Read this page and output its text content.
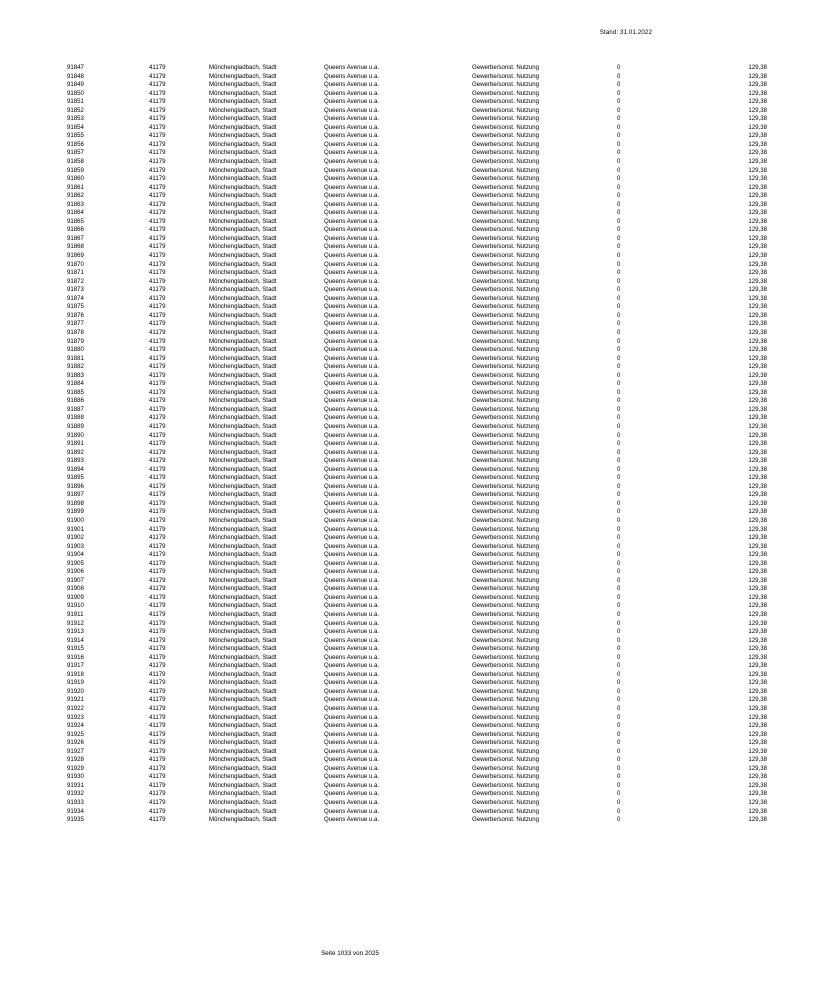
Stand: 31.01.2022
91847	41179	Mönchengladbach, Stadt	Queens Avenue u.a.	Gewerbe/sonst. Nutzung	0	129,38
91848	41179	Mönchengladbach, Stadt	Queens Avenue u.a.	Gewerbe/sonst. Nutzung	0	129,38
91849	41179	Mönchengladbach, Stadt	Queens Avenue u.a.	Gewerbe/sonst. Nutzung	0	129,38
91850	41179	Mönchengladbach, Stadt	Queens Avenue u.a.	Gewerbe/sonst. Nutzung	0	129,38
91851	41179	Mönchengladbach, Stadt	Queens Avenue u.a.	Gewerbe/sonst. Nutzung	0	129,38
91852	41179	Mönchengladbach, Stadt	Queens Avenue u.a.	Gewerbe/sonst. Nutzung	0	129,38
91853	41179	Mönchengladbach, Stadt	Queens Avenue u.a.	Gewerbe/sonst. Nutzung	0	129,38
91854	41179	Mönchengladbach, Stadt	Queens Avenue u.a.	Gewerbe/sonst. Nutzung	0	129,38
91855	41179	Mönchengladbach, Stadt	Queens Avenue u.a.	Gewerbe/sonst. Nutzung	0	129,38
91856	41179	Mönchengladbach, Stadt	Queens Avenue u.a.	Gewerbe/sonst. Nutzung	0	129,38
91857	41179	Mönchengladbach, Stadt	Queens Avenue u.a.	Gewerbe/sonst. Nutzung	0	129,38
91858	41179	Mönchengladbach, Stadt	Queens Avenue u.a.	Gewerbe/sonst. Nutzung	0	129,38
91859	41179	Mönchengladbach, Stadt	Queens Avenue u.a.	Gewerbe/sonst. Nutzung	0	129,38
91860	41179	Mönchengladbach, Stadt	Queens Avenue u.a.	Gewerbe/sonst. Nutzung	0	129,38
91861	41179	Mönchengladbach, Stadt	Queens Avenue u.a.	Gewerbe/sonst. Nutzung	0	129,38
91862	41179	Mönchengladbach, Stadt	Queens Avenue u.a.	Gewerbe/sonst. Nutzung	0	129,38
91863	41179	Mönchengladbach, Stadt	Queens Avenue u.a.	Gewerbe/sonst. Nutzung	0	129,38
91864	41179	Mönchengladbach, Stadt	Queens Avenue u.a.	Gewerbe/sonst. Nutzung	0	129,38
91865	41179	Mönchengladbach, Stadt	Queens Avenue u.a.	Gewerbe/sonst. Nutzung	0	129,38
91866	41179	Mönchengladbach, Stadt	Queens Avenue u.a.	Gewerbe/sonst. Nutzung	0	129,38
91867	41179	Mönchengladbach, Stadt	Queens Avenue u.a.	Gewerbe/sonst. Nutzung	0	129,38
91868	41179	Mönchengladbach, Stadt	Queens Avenue u.a.	Gewerbe/sonst. Nutzung	0	129,38
91869	41179	Mönchengladbach, Stadt	Queens Avenue u.a.	Gewerbe/sonst. Nutzung	0	129,38
91870	41179	Mönchengladbach, Stadt	Queens Avenue u.a.	Gewerbe/sonst. Nutzung	0	129,38
91871	41179	Mönchengladbach, Stadt	Queens Avenue u.a.	Gewerbe/sonst. Nutzung	0	129,38
91872	41179	Mönchengladbach, Stadt	Queens Avenue u.a.	Gewerbe/sonst. Nutzung	0	129,38
91873	41179	Mönchengladbach, Stadt	Queens Avenue u.a.	Gewerbe/sonst. Nutzung	0	129,38
91874	41179	Mönchengladbach, Stadt	Queens Avenue u.a.	Gewerbe/sonst. Nutzung	0	129,38
91875	41179	Mönchengladbach, Stadt	Queens Avenue u.a.	Gewerbe/sonst. Nutzung	0	129,38
91876	41179	Mönchengladbach, Stadt	Queens Avenue u.a.	Gewerbe/sonst. Nutzung	0	129,38
91877	41179	Mönchengladbach, Stadt	Queens Avenue u.a.	Gewerbe/sonst. Nutzung	0	129,38
91878	41179	Mönchengladbach, Stadt	Queens Avenue u.a.	Gewerbe/sonst. Nutzung	0	129,38
91879	41179	Mönchengladbach, Stadt	Queens Avenue u.a.	Gewerbe/sonst. Nutzung	0	129,38
91880	41179	Mönchengladbach, Stadt	Queens Avenue u.a.	Gewerbe/sonst. Nutzung	0	129,38
91881	41179	Mönchengladbach, Stadt	Queens Avenue u.a.	Gewerbe/sonst. Nutzung	0	129,38
91882	41179	Mönchengladbach, Stadt	Queens Avenue u.a.	Gewerbe/sonst. Nutzung	0	129,38
91883	41179	Mönchengladbach, Stadt	Queens Avenue u.a.	Gewerbe/sonst. Nutzung	0	129,38
91884	41179	Mönchengladbach, Stadt	Queens Avenue u.a.	Gewerbe/sonst. Nutzung	0	129,38
91885	41179	Mönchengladbach, Stadt	Queens Avenue u.a.	Gewerbe/sonst. Nutzung	0	129,38
91886	41179	Mönchengladbach, Stadt	Queens Avenue u.a.	Gewerbe/sonst. Nutzung	0	129,38
91887	41179	Mönchengladbach, Stadt	Queens Avenue u.a.	Gewerbe/sonst. Nutzung	0	129,38
91888	41179	Mönchengladbach, Stadt	Queens Avenue u.a.	Gewerbe/sonst. Nutzung	0	129,38
91889	41179	Mönchengladbach, Stadt	Queens Avenue u.a.	Gewerbe/sonst. Nutzung	0	129,38
91890	41179	Mönchengladbach, Stadt	Queens Avenue u.a.	Gewerbe/sonst. Nutzung	0	129,38
91891	41179	Mönchengladbach, Stadt	Queens Avenue u.a.	Gewerbe/sonst. Nutzung	0	129,38
91892	41179	Mönchengladbach, Stadt	Queens Avenue u.a.	Gewerbe/sonst. Nutzung	0	129,38
91893	41179	Mönchengladbach, Stadt	Queens Avenue u.a.	Gewerbe/sonst. Nutzung	0	129,38
91894	41179	Mönchengladbach, Stadt	Queens Avenue u.a.	Gewerbe/sonst. Nutzung	0	129,38
91895	41179	Mönchengladbach, Stadt	Queens Avenue u.a.	Gewerbe/sonst. Nutzung	0	129,38
91896	41179	Mönchengladbach, Stadt	Queens Avenue u.a.	Gewerbe/sonst. Nutzung	0	129,38
91897	41179	Mönchengladbach, Stadt	Queens Avenue u.a.	Gewerbe/sonst. Nutzung	0	129,38
91898	41179	Mönchengladbach, Stadt	Queens Avenue u.a.	Gewerbe/sonst. Nutzung	0	129,38
91899	41179	Mönchengladbach, Stadt	Queens Avenue u.a.	Gewerbe/sonst. Nutzung	0	129,38
91900	41179	Mönchengladbach, Stadt	Queens Avenue u.a.	Gewerbe/sonst. Nutzung	0	129,38
91901	41179	Mönchengladbach, Stadt	Queens Avenue u.a.	Gewerbe/sonst. Nutzung	0	129,38
91902	41179	Mönchengladbach, Stadt	Queens Avenue u.a.	Gewerbe/sonst. Nutzung	0	129,38
91903	41179	Mönchengladbach, Stadt	Queens Avenue u.a.	Gewerbe/sonst. Nutzung	0	129,38
91904	41179	Mönchengladbach, Stadt	Queens Avenue u.a.	Gewerbe/sonst. Nutzung	0	129,38
91905	41179	Mönchengladbach, Stadt	Queens Avenue u.a.	Gewerbe/sonst. Nutzung	0	129,38
91906	41179	Mönchengladbach, Stadt	Queens Avenue u.a.	Gewerbe/sonst. Nutzung	0	129,38
91907	41179	Mönchengladbach, Stadt	Queens Avenue u.a.	Gewerbe/sonst. Nutzung	0	129,38
91908	41179	Mönchengladbach, Stadt	Queens Avenue u.a.	Gewerbe/sonst. Nutzung	0	129,38
91909	41179	Mönchengladbach, Stadt	Queens Avenue u.a.	Gewerbe/sonst. Nutzung	0	129,38
91910	41179	Mönchengladbach, Stadt	Queens Avenue u.a.	Gewerbe/sonst. Nutzung	0	129,38
91911	41179	Mönchengladbach, Stadt	Queens Avenue u.a.	Gewerbe/sonst. Nutzung	0	129,38
91912	41179	Mönchengladbach, Stadt	Queens Avenue u.a.	Gewerbe/sonst. Nutzung	0	129,38
91913	41179	Mönchengladbach, Stadt	Queens Avenue u.a.	Gewerbe/sonst. Nutzung	0	129,38
91914	41179	Mönchengladbach, Stadt	Queens Avenue u.a.	Gewerbe/sonst. Nutzung	0	129,38
91915	41179	Mönchengladbach, Stadt	Queens Avenue u.a.	Gewerbe/sonst. Nutzung	0	129,38
91916	41179	Mönchengladbach, Stadt	Queens Avenue u.a.	Gewerbe/sonst. Nutzung	0	129,38
91917	41179	Mönchengladbach, Stadt	Queens Avenue u.a.	Gewerbe/sonst. Nutzung	0	129,38
91918	41179	Mönchengladbach, Stadt	Queens Avenue u.a.	Gewerbe/sonst. Nutzung	0	129,38
91919	41179	Mönchengladbach, Stadt	Queens Avenue u.a.	Gewerbe/sonst. Nutzung	0	129,38
91920	41179	Mönchengladbach, Stadt	Queens Avenue u.a.	Gewerbe/sonst. Nutzung	0	129,38
91921	41179	Mönchengladbach, Stadt	Queens Avenue u.a.	Gewerbe/sonst. Nutzung	0	129,38
91922	41179	Mönchengladbach, Stadt	Queens Avenue u.a.	Gewerbe/sonst. Nutzung	0	129,38
91923	41179	Mönchengladbach, Stadt	Queens Avenue u.a.	Gewerbe/sonst. Nutzung	0	129,38
91924	41179	Mönchengladbach, Stadt	Queens Avenue u.a.	Gewerbe/sonst. Nutzung	0	129,38
91925	41179	Mönchengladbach, Stadt	Queens Avenue u.a.	Gewerbe/sonst. Nutzung	0	129,38
91926	41179	Mönchengladbach, Stadt	Queens Avenue u.a.	Gewerbe/sonst. Nutzung	0	129,38
91927	41179	Mönchengladbach, Stadt	Queens Avenue u.a.	Gewerbe/sonst. Nutzung	0	129,38
91928	41179	Mönchengladbach, Stadt	Queens Avenue u.a.	Gewerbe/sonst. Nutzung	0	129,38
91929	41179	Mönchengladbach, Stadt	Queens Avenue u.a.	Gewerbe/sonst. Nutzung	0	129,38
91930	41179	Mönchengladbach, Stadt	Queens Avenue u.a.	Gewerbe/sonst. Nutzung	0	129,38
91931	41179	Mönchengladbach, Stadt	Queens Avenue u.a.	Gewerbe/sonst. Nutzung	0	129,38
91932	41179	Mönchengladbach, Stadt	Queens Avenue u.a.	Gewerbe/sonst. Nutzung	0	129,38
91933	41179	Mönchengladbach, Stadt	Queens Avenue u.a.	Gewerbe/sonst. Nutzung	0	129,38
91934	41179	Mönchengladbach, Stadt	Queens Avenue u.a.	Gewerbe/sonst. Nutzung	0	129,38
91935	41179	Mönchengladbach, Stadt	Queens Avenue u.a.	Gewerbe/sonst. Nutzung	0	129,38
Seite 1033 von 2025
